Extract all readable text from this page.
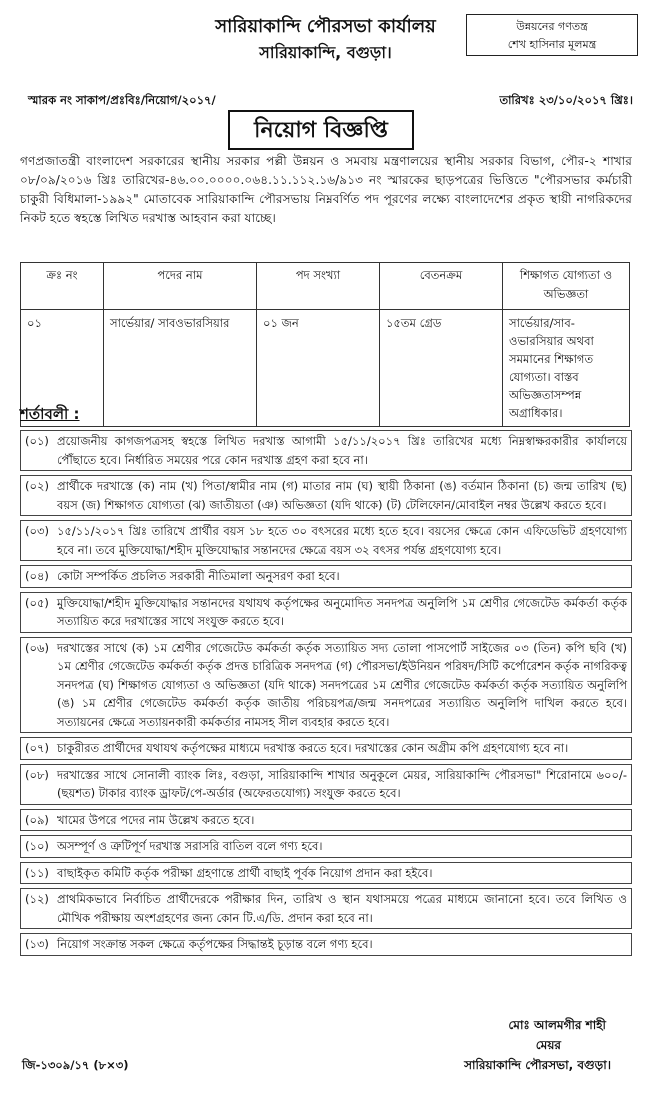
সারিয়াকান্দি পৌরসভা কার্যালয়
সারিয়াকান্দি, বগুড়া।
উন্নয়নের গণতন্ত্র
শেখ হাসিনার মূলমন্ত্র
স্মারক নং সাকাপ/প্রঃবিঃ/নিয়োগ/২০১৭/	তারিখঃ ২৩/১০/২০১৭ খ্রিঃ।
নিয়োগ বিজ্ঞপ্তি
গণপ্রজাতন্ত্রী বাংলাদেশ সরকারের স্থানীয় সরকার পল্লী উন্নয়ন ও সমবায় মন্ত্রণালয়ের স্থানীয় সরকার বিভাগ, পৌর-২ শাখার ০৮/০৯/২০১৬ খ্রিঃ তারিখের-৪৬.০০.০০০০.০৬৪.১১.১১২.১৬/৯১৩ নং স্মারকের ছাড়পত্রের ভিত্তিতে "পৌরসভার কর্মচারী চাকুরী বিধিমালা-১৯৯২" মোতাবেক সারিয়াকান্দি পৌরসভায় নিম্নবর্ণিত পদ পূরণের লক্ষ্যে বাংলাদেশের প্রকৃত স্থায়ী নাগরিকদের নিকট হতে স্বহস্তে লিখিত দরখাস্ত আহবান করা যাচ্ছে।
ক্রঃ নং	পদের নাম	পদ সংখ্যা	বেতনক্রম	শিক্ষাগত যোগ্যতা ও অভিজ্ঞতা
০১	সার্ভেয়ার/ সাবওভারসিয়ার	০১ জন	১৫তম গ্রেড	সার্ভেয়ার/সাব-ওভারসিয়ার অথবা সমমানের শিক্ষাগত যোগ্যতা। বাস্তব অভিজ্ঞতাসম্পন্ন অগ্রাধিকার।
শর্তাবলী :
(০১) প্রয়োজনীয় কাগজপত্রসহ স্বহস্তে লিখিত দরখাস্ত আগামী ১৫/১১/২০১৭ খ্রিঃ তারিখের মধ্যে নিম্নস্বাক্ষরকারীর কার্যালয়ে পৌঁছাতে হবে। নির্ধারিত সময়ের পরে কোন দরখাস্ত গ্রহণ করা হবে না।
(০২) প্রার্থীকে দরখাস্তে (ক) নাম (খ) পিতা/স্বামীর নাম (গ) মাতার নাম (ঘ) স্থায়ী ঠিকানা (ঙ) বর্তমান ঠিকানা (চ) জন্ম তারিখ (ছ) বয়স (জ) শিক্ষাগত যোগ্যতা (ঝ) জাতীয়তা (ঞ) অভিজ্ঞতা (যদি থাকে) (ট) টেলিফোন/মোবাইল নম্বর উল্লেখ করতে হবে।
(০৩) ১৫/১১/২০১৭ খ্রিঃ তারিখে প্রার্থীর বয়স ১৮ হতে ৩০ বৎসরের মধ্যে হতে হবে। বয়সের ক্ষেত্রে কোন এফিডেভিট গ্রহণযোগ্য হবে না। তবে মুক্তিযোদ্ধা/শহীদ মুক্তিযোদ্ধার সন্তানদের ক্ষেত্রে বয়স ৩২ বৎসর পর্যন্ত গ্রহণযোগ্য হবে।
(০৪) কোটা সম্পর্কিত প্রচলিত সরকারী নীতিমালা অনুসরণ করা হবে।
(০৫) মুক্তিযোদ্ধা/শহীদ মুক্তিযোদ্ধার সন্তানদের যথাযথ কর্তৃপক্ষের অনুমোদিত সনদপত্র অনুলিপি ১ম শ্রেণীর গেজেটেড কর্মকর্তা কর্তৃক সত্যায়িত করে দরখাস্তের সাথে সংযুক্ত করতে হবে।
(০৬) দরখাস্তের সাথে (ক) ১ম শ্রেণীর গেজেটেড কর্মকর্তা কর্তৃক সত্যায়িত সদ্য তোলা পাসপোর্ট সাইজের ০৩ (তিন) কপি ছবি (খ) ১ম শ্রেণীর গেজেটেড কর্মকর্তা কর্তৃক প্রদত্ত চারিত্রিক সনদপত্র (গ) পৌরসভা/ইউনিয়ন পরিষদ/সিটি কর্পোরেশন কর্তৃক নাগরিকত্ব সনদপত্র (ঘ) শিক্ষাগত যোগ্যতা ও অভিজ্ঞতা (যদি থাকে) সনদপত্রের ১ম শ্রেণীর গেজেটেড কর্মকর্তা কর্তৃক সত্যায়িত অনুলিপি (ঙ) ১ম শ্রেণীর গেজেটেড কর্মকর্তা কর্তৃক জাতীয় পরিচয়পত্র/জন্ম সনদপত্রের সত্যায়িত অনুলিপি দাখিল করতে হবে। সত্যায়নের ক্ষেত্রে সত্যায়নকারী কর্মকর্তার নামসহ সীল ব্যবহার করতে হবে।
(০৭) চাকুরীরত প্রার্থীদের যথাযথ কর্তৃপক্ষের মাধ্যমে দরখাস্ত করতে হবে। দরখাস্তের কোন অগ্রীম কপি গ্রহণযোগ্য হবে না।
(০৮) দরখাস্তের সাথে সোনালী ব্যাংক লিঃ, বগুড়া, সারিয়াকান্দি শাখার অনুকূলে মেয়র, সারিয়াকান্দি পৌরসভা" শিরোনামে ৬০০/-(ছয়শত) টাকার ব্যাংক ড্রাফট/পে-অর্ডার (অফেরতযোগ্য) সংযুক্ত করতে হবে।
(০৯) খামের উপরে পদের নাম উল্লেখ করতে হবে।
(১০) অসম্পূর্ণ ও ত্রুটিপূর্ণ দরখাস্ত সরাসরি বাতিল বলে গণ্য হবে।
(১১) বাছাইকৃত কমিটি কর্তৃক পরীক্ষা গ্রহণান্তে প্রার্থী বাছাই পূর্বক নিয়োগ প্রদান করা হইবে।
(১২) প্রাথমিকভাবে নির্বাচিত প্রার্থীদেরকে পরীক্ষার দিন, তারিখ ও স্থান যথাসময়ে পত্রের মাধ্যমে জানানো হবে। তবে লিখিত ও মৌখিক পরীক্ষায় অংশগ্রহণের জন্য কোন টি.এ/ডি. প্রদান করা হবে না।
(১৩) নিয়োগ সংক্রান্ত সকল ক্ষেত্রে কর্তৃপক্ষের সিদ্ধান্তই চূড়ান্ত বলে গণ্য হবে।
মোঃ আলমগীর শাহী
মেয়র
সারিয়াকান্দি পৌরসভা, বগুড়া।
জি-১৩০৯/১৭ (৮×৩)
